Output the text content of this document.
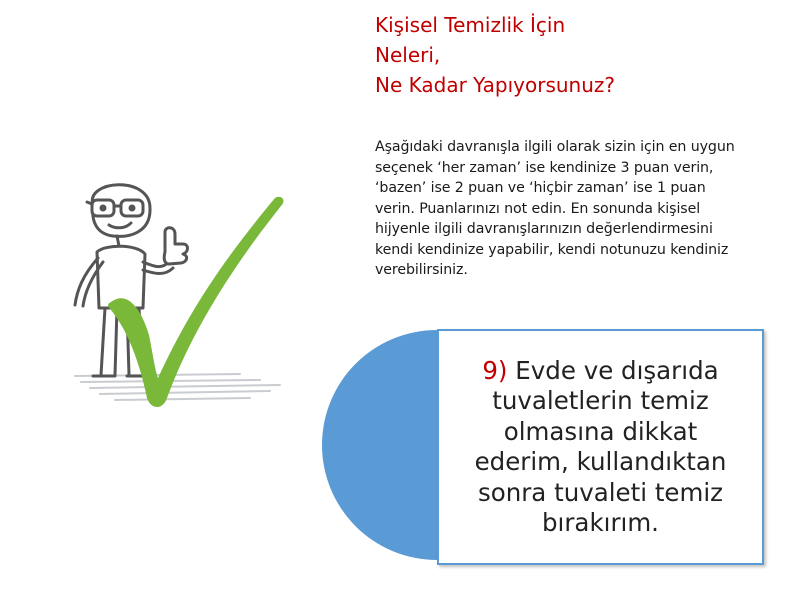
Kişisel Temizlik İçin
Neleri,
Ne Kadar Yapıyorsunuz?

Aşağıdaki davranışla ilgili olarak sizin için en uygun seçenek ‘her zaman’ ise kendinize 3 puan verin, ‘bazen’ ise 2 puan ve ‘hiçbir zaman’ ise 1 puan verin. Puanlarınızı not edin. En sonunda kişisel hijyenle ilgili davranışlarınızın değerlendirmesini kendi kendinize yapabilir, kendi notunuzu kendiniz verebilirsiniz.

9) Evde ve dışarıda tuvaletlerin temiz olmasına dikkat ederim, kullandıktan sonra tuvaleti temiz bırakırım.
